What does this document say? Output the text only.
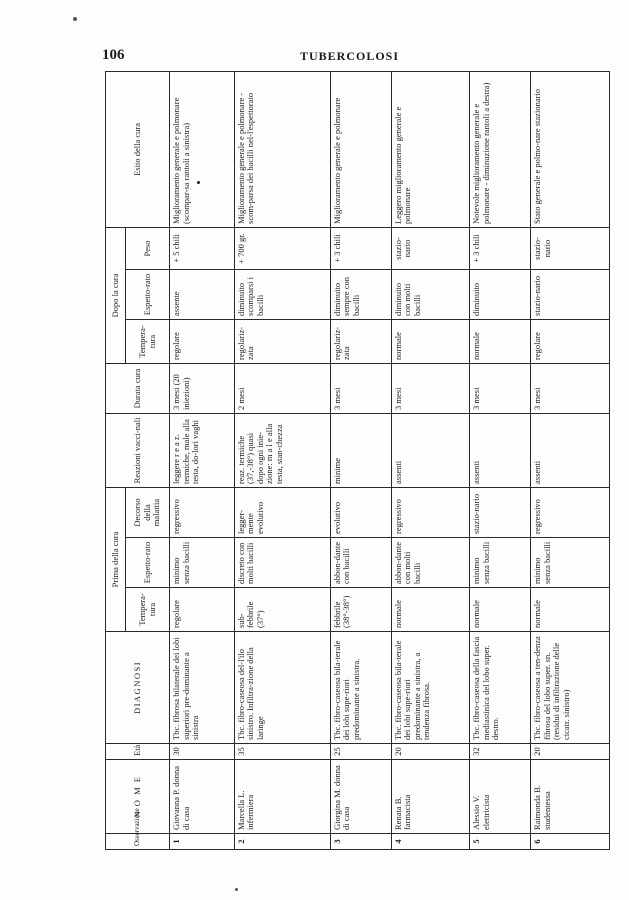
106	TUBERCOLOSI
Osservazione	N O M E	Età	DIAGNOSI	Prima della cura			Reazioni vacci-nali	Durata cura	Dopo la cura			Esito della cura
				Tempera-tura	Espetto-rato	Decorso della malattia			Tempera-tura	Espetto-rato	Peso	
1	Giovanna P. donna di casa	30	Tbc. fibrosa bilaterale dei lobi superiori pre-dominante a sinistra	regolare	minimo senza bacilli	regressivo	leggere r e a z. termiche, male alla testa, do-lori vaghi	3 mesi (20 iniezioni)	regolare	assente	+ 5 chili	Miglioramento generale e polmonare (scompar-sa rantoli a sinistra)

2	Marcella L. infermiera	35	Tbc. fibro-caseosa del-l'ilo sinistro. Infiltra-zione della laringe	sub-febbrile (37°)	discreto con molti bacilli	legger-mente evolutivo	reaz. termiche (37,-38°) quasi dopo ogni inie-zione: m a l e alla testa, stan-chezza	2 mesi	regolariz-zata	diminuito scomparsi i bacilli	+ 700 gr.	Miglioramento generale e polmonare - scom-parsa dei bacilli nel-l'espettorato
3	Giorgina M. donna di casa	25	Tbc. fibro-caseosa bila-terale dei lobi supe-riori predominante a sinistra.	febbrile (38°-38°)	abbon-dante con bacilli	evolutivo	minime	3 mesi	regolariz-zata	diminuito sempre con bacilli	+ 3 chili	Miglioramento generale e polmonare
4	Renata B. farmacista	20	Tbc. fibro-caseosa bila-terale dei lobi supe-riori predominante a sinistra, a tendenza fibrosa.	normale	abbon-dante con molti bacilli	regressivo	assenti	3 mesi	normale	diminuito con molti bacilli	stazio-nario	Leggero miglioramento generale e polmonare
5	Alessio V. elettricista	32	Tbc. fibro-caseosa della fascia mediastinica del lobo super. destro.	normale	minimo senza bacilli	stazio-nario	assenti	3 mesi	normale	diminuito	+ 3 chili	Notevole miglioramento generale e polmonare - diminuzione rantoli a destra)
6	Raimonda B. studentessa	20	Tbc. fibro-caseosa a ten-denza fibrosa del lobo super. sn. (residui di infiltrazione delle cicatr. sinistro)	normale	minimo senza bacilli	regressivo	assenti	3 mesi	regolare	stazio-nario	stazio-nario	Stato generale e polmo-nare stazionario
